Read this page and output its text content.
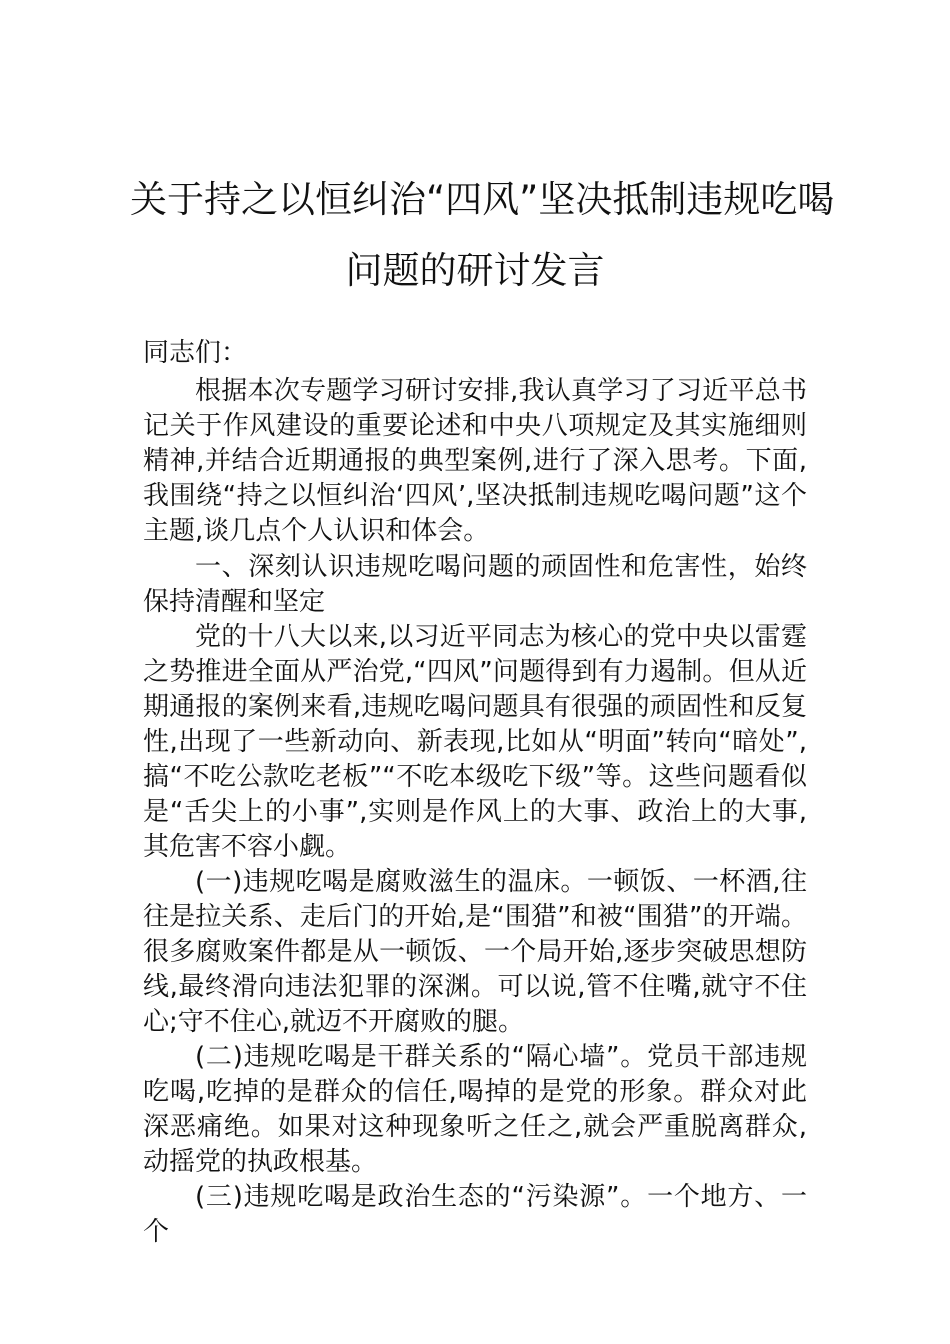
关于持之以恒纠治“四风”坚决抵制违规吃喝
问题的研讨发言

同志们：

根据本次专题学习研讨安排,我认真学习了习近平总书记关于作风建设的重要论述和中央八项规定及其实施细则精神,并结合近期通报的典型案例,进行了深入思考。下面,我围绕“持之以恒纠治‘四风’,坚决抵制违规吃喝问题”这个主题,谈几点个人认识和体会。

一、深刻认识违规吃喝问题的顽固性和危害性，始终保持清醒和坚定

党的十八大以来,以习近平同志为核心的党中央以雷霆之势推进全面从严治党,“四风”问题得到有力遏制。但从近期通报的案例来看,违规吃喝问题具有很强的顽固性和反复性,出现了一些新动向、新表现,比如从“明面”转向“暗处”,搞“不吃公款吃老板”“不吃本级吃下级”等。这些问题看似是“舌尖上的小事”,实则是作风上的大事、政治上的大事,其危害不容小觑。

(一)违规吃喝是腐败滋生的温床。一顿饭、一杯酒,往往是拉关系、走后门的开始,是“围猎”和被“围猎”的开端。很多腐败案件都是从一顿饭、一个局开始,逐步突破思想防线,最终滑向违法犯罪的深渊。可以说,管不住嘴,就守不住心;守不住心,就迈不开腐败的腿。

(二)违规吃喝是干群关系的“隔心墙”。党员干部违规吃喝,吃掉的是群众的信任,喝掉的是党的形象。群众对此深恶痛绝。如果对这种现象听之任之,就会严重脱离群众,动摇党的执政根基。

(三)违规吃喝是政治生态的“污染源”。一个地方、一个
